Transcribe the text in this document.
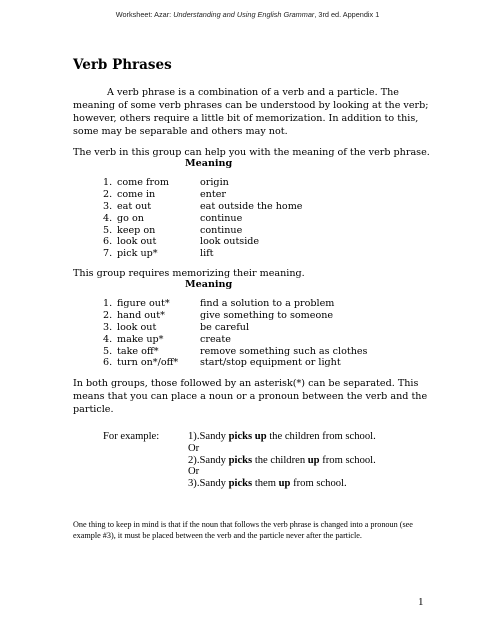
Worksheet: Azar: Understanding and Using English Grammar, 3rd ed. Appendix 1
Verb Phrases
A verb phrase is a combination of a verb and a particle. The meaning of some verb phrases can be understood by looking at the verb; however, others require a little bit of memorization. In addition to this, some may be separable and others may not.
The verb in this group can help you with the meaning of the verb phrase.
Meaning
1. come from	origin
2. come in	enter
3. eat out	eat outside the home
4. go on	continue
5. keep on	continue
6. look out	look outside
7. pick up*	lift
This group requires memorizing their meaning.
Meaning
1. figure out*	find a solution to a problem
2. hand out*	give something to someone
3. look out	be careful
4. make up*	create
5. take off*	remove something such as clothes
6. turn on*/off*	start/stop equipment or light
In both groups, those followed by an asterisk(*) can be separated. This means that you can place a noun or a pronoun between the verb and the particle.
For example:	1).Sandy picks up the children from school.
Or
2).Sandy picks the children up from school.
Or
3).Sandy picks them up from school.
One thing to keep in mind is that if the noun that follows the verb phrase is changed into a pronoun (see example #3), it must be placed between the verb and the particle never after the particle.
1
